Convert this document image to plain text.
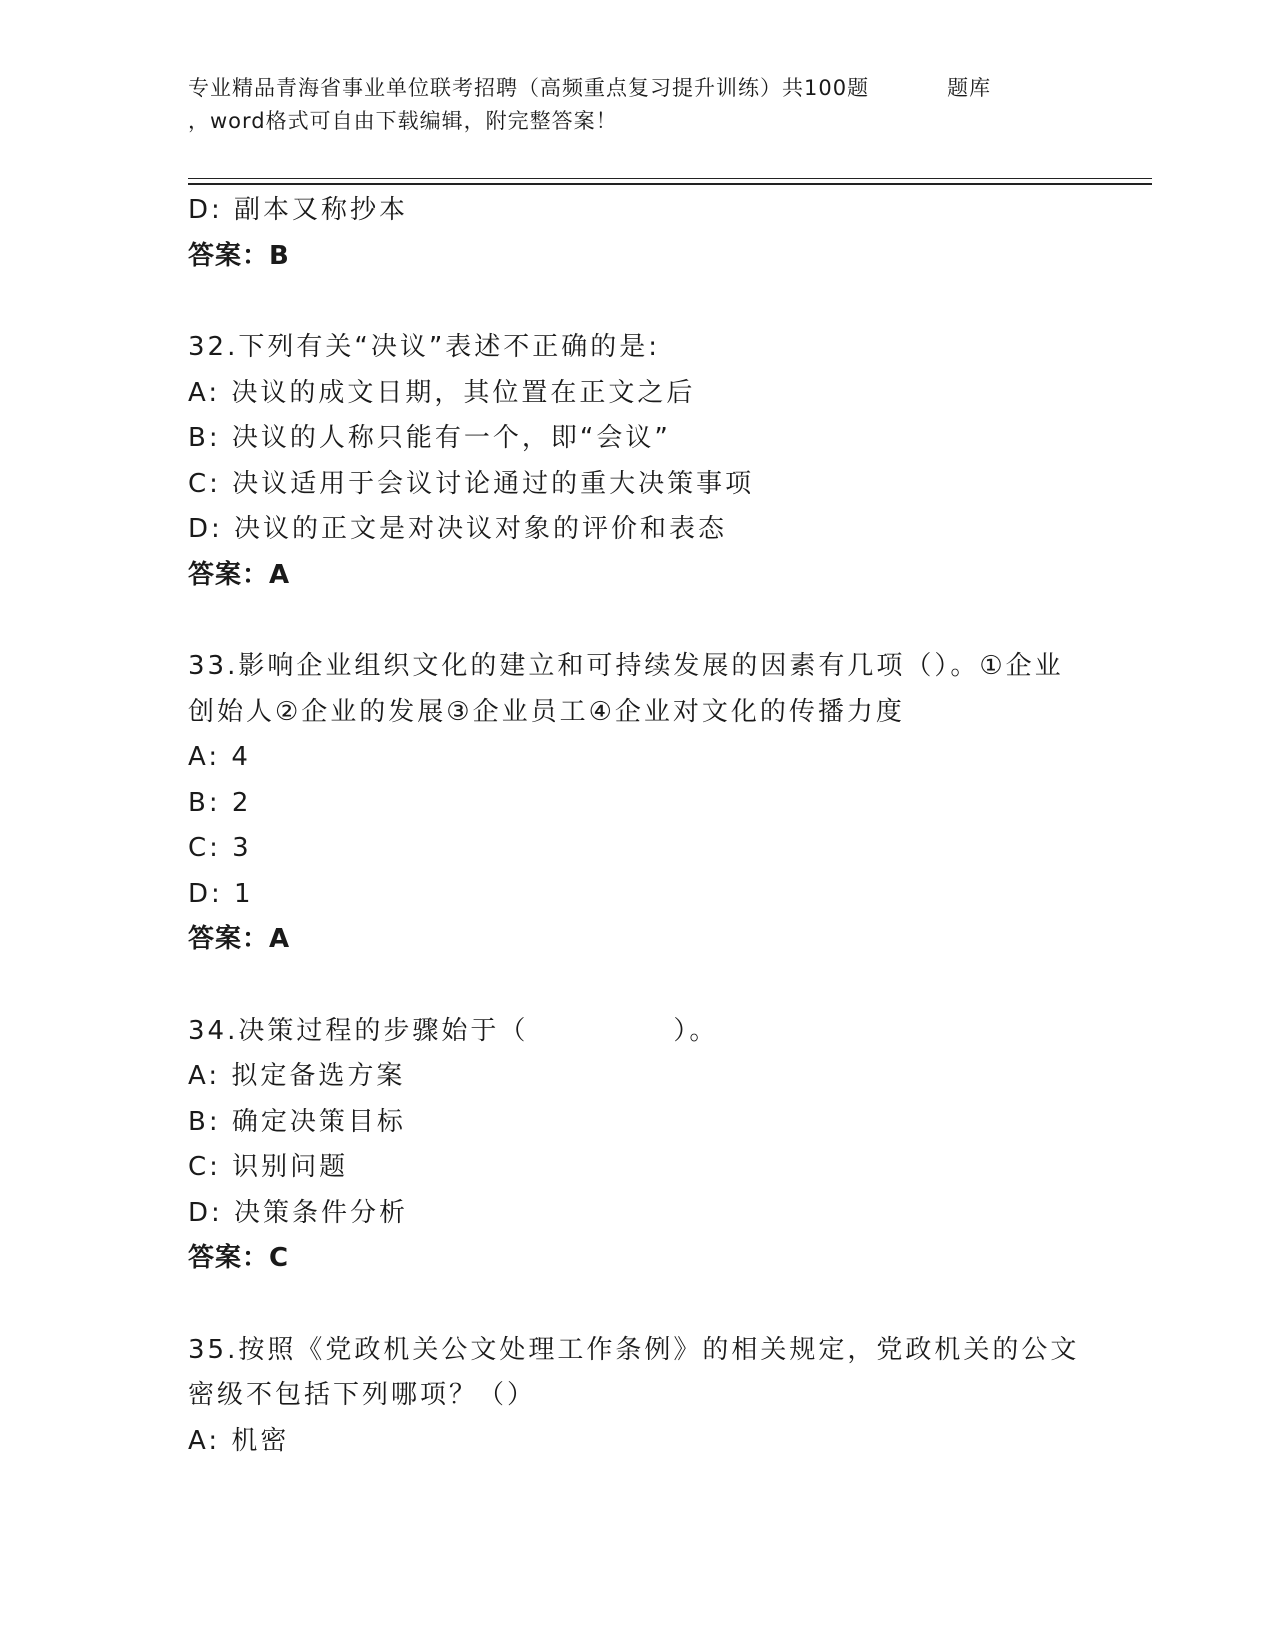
专业精品青海省事业单位联考招聘（高频重点复习提升训练）共100题	题库
，word格式可自由下载编辑，附完整答案！
D: 副本又称抄本
答案：B
32.下列有关“决议”表述不正确的是:
A: 决议的成文日期，其位置在正文之后
B: 决议的人称只能有一个，即“会议”
C: 决议适用于会议讨论通过的重大决策事项
D: 决议的正文是对决议对象的评价和表态
答案：A
33.影响企业组织文化的建立和可持续发展的因素有几项（）。①企业
创始人②企业的发展③企业员工④企业对文化的传播力度
A: 4
B: 2
C: 3
D: 1
答案：A
34.决策过程的步骤始于（　　　　　）。
A: 拟定备选方案
B: 确定决策目标
C: 识别问题
D: 决策条件分析
答案：C
35.按照《党政机关公文处理工作条例》的相关规定，党政机关的公文
密级不包括下列哪项？（）
A: 机密
